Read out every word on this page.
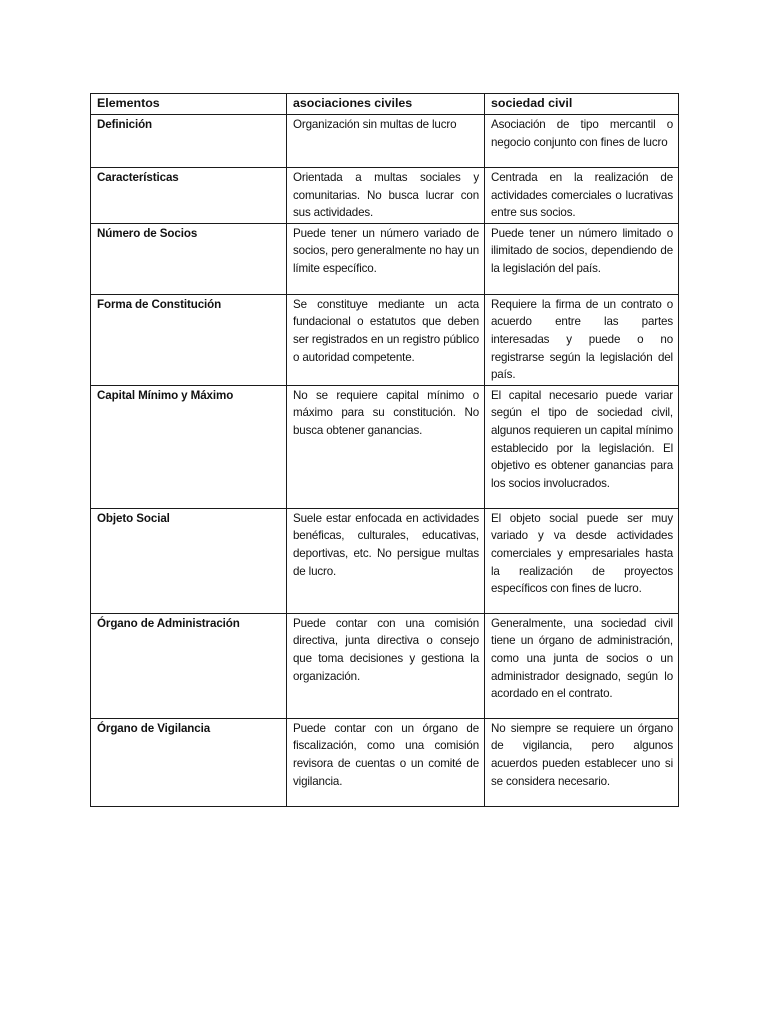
Elementos	asociaciones civiles	sociedad civil
Definición	Organización sin multas de lucro	Asociación de tipo mercantil o negocio conjunto con fines de lucro
Características	Orientada a multas sociales y comunitarias. No busca lucrar con sus actividades.	Centrada en la realización de actividades comerciales o lucrativas entre sus socios.
Número de Socios	Puede tener un número variado de socios, pero generalmente no hay un límite específico.	Puede tener un número limitado o ilimitado de socios, dependiendo de la legislación del país.
Forma de Constitución	Se constituye mediante un acta fundacional o estatutos que deben ser registrados en un registro público o autoridad competente.	Requiere la firma de un contrato o acuerdo entre las partes interesadas y puede o no registrarse según la legislación del país.
Capital Mínimo y Máximo	No se requiere capital mínimo o máximo para su constitución. No busca obtener ganancias.	El capital necesario puede variar según el tipo de sociedad civil, algunos requieren un capital mínimo establecido por la legislación. El objetivo es obtener ganancias para los socios involucrados.
Objeto Social	Suele estar enfocada en actividades benéficas, culturales, educativas, deportivas, etc. No persigue multas de lucro.	El objeto social puede ser muy variado y va desde actividades comerciales y empresariales hasta la realización de proyectos específicos con fines de lucro.
Órgano de Administración	Puede contar con una comisión directiva, junta directiva o consejo que toma decisiones y gestiona la organización.	Generalmente, una sociedad civil tiene un órgano de administración, como una junta de socios o un administrador designado, según lo acordado en el contrato.
Órgano de Vigilancia	Puede contar con un órgano de fiscalización, como una comisión revisora de cuentas o un comité de vigilancia.	No siempre se requiere un órgano de vigilancia, pero algunos acuerdos pueden establecer uno si se considera necesario.
